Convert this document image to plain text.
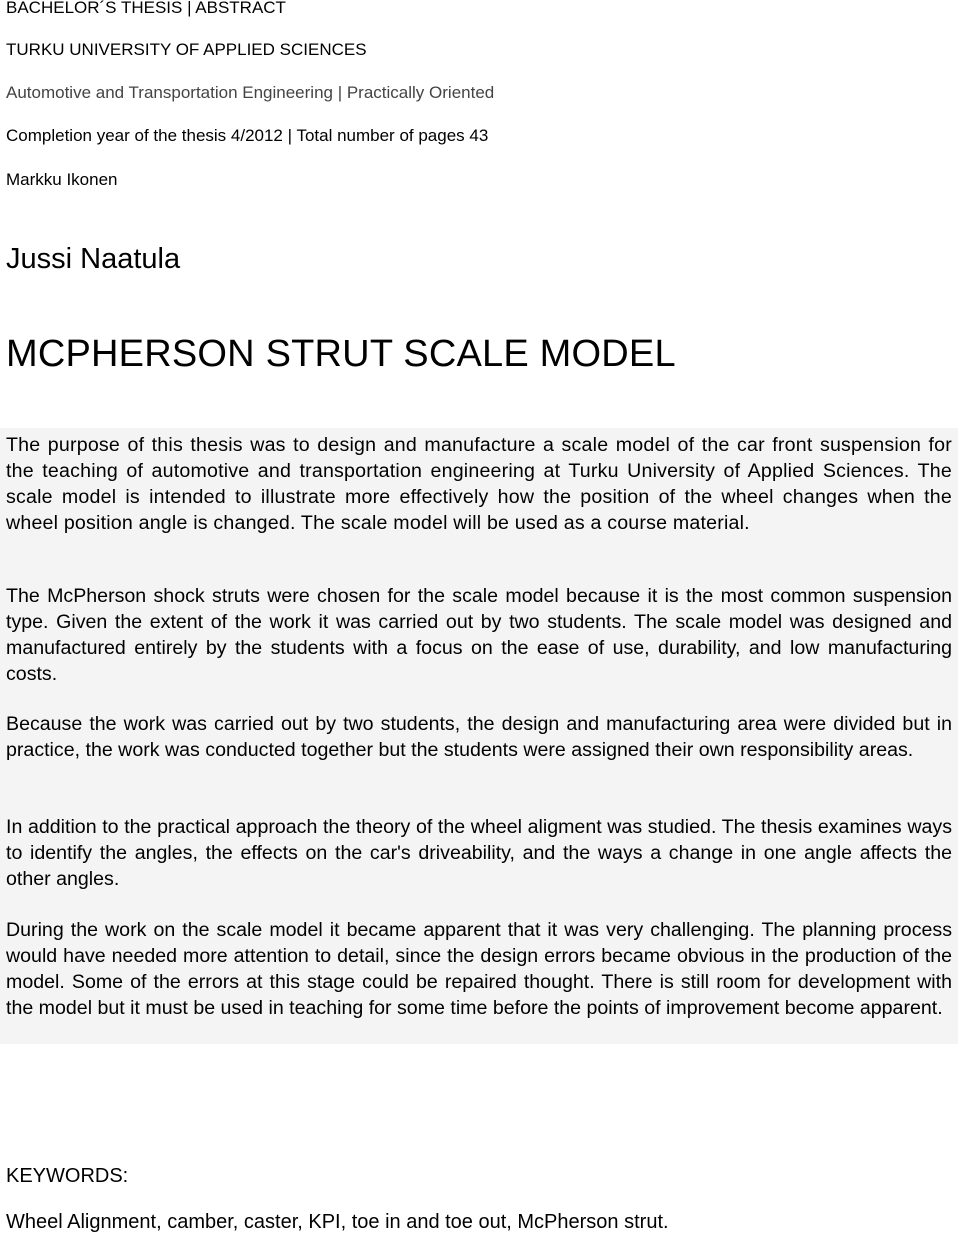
BACHELOR´S THESIS | ABSTRACT
TURKU UNIVERSITY OF APPLIED SCIENCES
Automotive and Transportation Engineering | Practically Oriented
Completion year of the thesis 4/2012 | Total number of pages 43
Markku Ikonen
Jussi Naatula
MCPHERSON STRUT SCALE MODEL

The purpose of this thesis was to design and manufacture a scale model of the car front suspension for the teaching of automotive and transportation engineering at Turku University of Applied Sciences. The scale model is intended to illustrate more effectively how the position of the wheel changes when the wheel position angle is changed. The scale model will be used as a course material.

The McPherson shock struts were chosen for the scale model because it is the most common suspension type. Given the extent of the work it was carried out by two students. The scale model was designed and manufactured entirely by the students with a focus on the ease of use, durability, and low manufacturing costs.

Because the work was carried out by two students, the design and manufacturing area were divided but in practice, the work was conducted together but the students were assigned their own responsibility areas.

In addition to the practical approach the theory of the wheel aligment was studied. The thesis examines ways to identify the angles, the effects on the car's driveability, and the ways a change in one angle affects the other angles.

During the work on the scale model it became apparent that it was very challenging. The planning process would have needed more attention to detail, since the design errors became obvious in the production of the model. Some of the errors at this stage could be repaired thought. There is still room for development with the model but it must be used in teaching for some time before the points of improvement become apparent.

KEYWORDS:
Wheel Alignment, camber, caster, KPI, toe in and toe out, McPherson strut.
